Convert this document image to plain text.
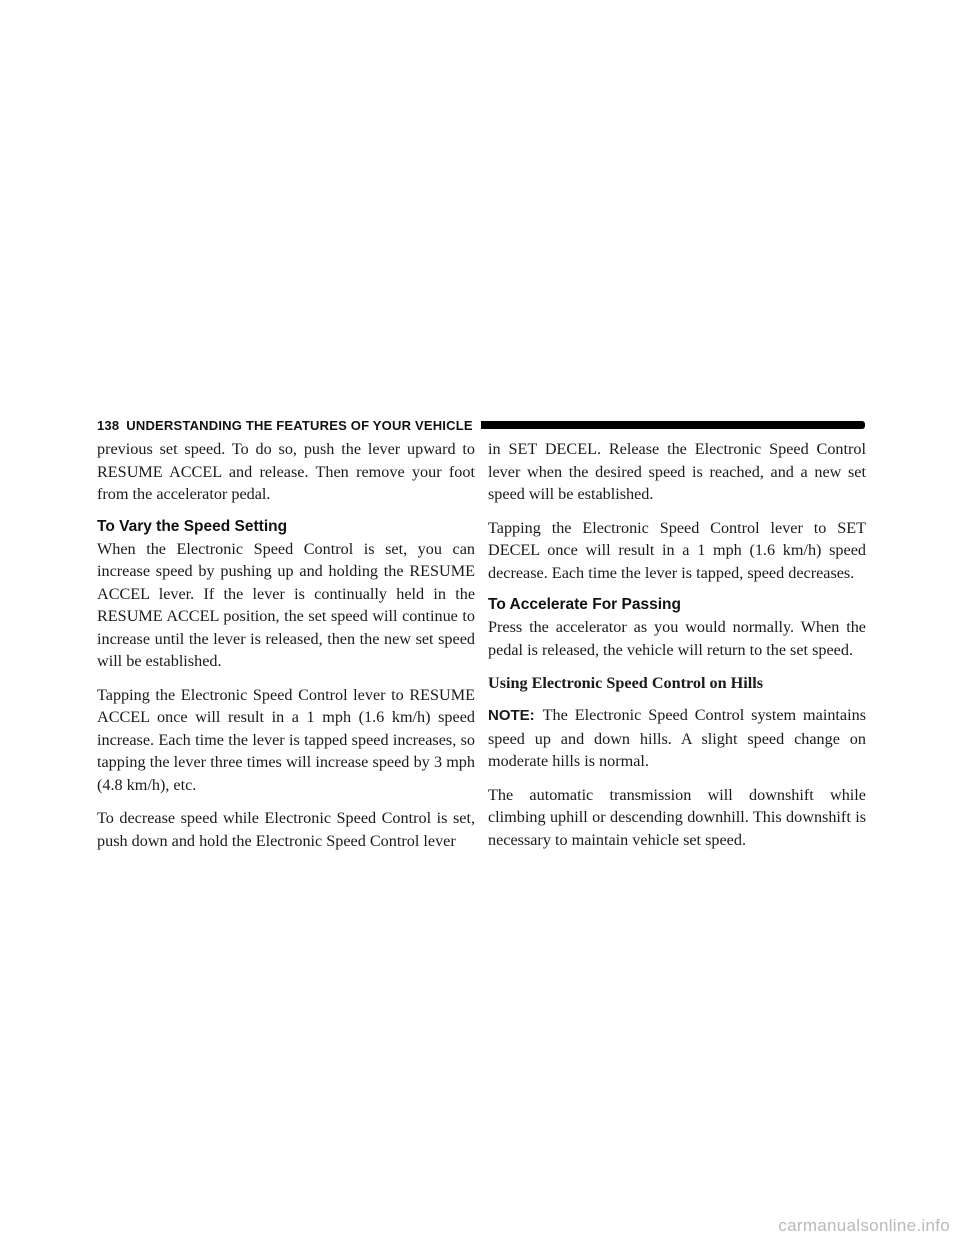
138 UNDERSTANDING THE FEATURES OF YOUR VEHICLE

previous set speed. To do so, push the lever upward to RESUME ACCEL and release. Then remove your foot from the accelerator pedal.

To Vary the Speed Setting

When the Electronic Speed Control is set, you can increase speed by pushing up and holding the RESUME ACCEL lever. If the lever is continually held in the RESUME ACCEL position, the set speed will continue to increase until the lever is released, then the new set speed will be established.

Tapping the Electronic Speed Control lever to RESUME ACCEL once will result in a 1 mph (1.6 km/h) speed increase. Each time the lever is tapped speed increases, so tapping the lever three times will increase speed by 3 mph (4.8 km/h), etc.

To decrease speed while Electronic Speed Control is set, push down and hold the Electronic Speed Control lever

in SET DECEL. Release the Electronic Speed Control lever when the desired speed is reached, and a new set speed will be established.

Tapping the Electronic Speed Control lever to SET DECEL once will result in a 1 mph (1.6 km/h) speed decrease. Each time the lever is tapped, speed decreases.

To Accelerate For Passing

Press the accelerator as you would normally. When the pedal is released, the vehicle will return to the set speed.

Using Electronic Speed Control on Hills

NOTE: The Electronic Speed Control system maintains speed up and down hills. A slight speed change on moderate hills is normal.

The automatic transmission will downshift while climbing uphill or descending downhill. This downshift is necessary to maintain vehicle set speed.

carmanualsonline.info
